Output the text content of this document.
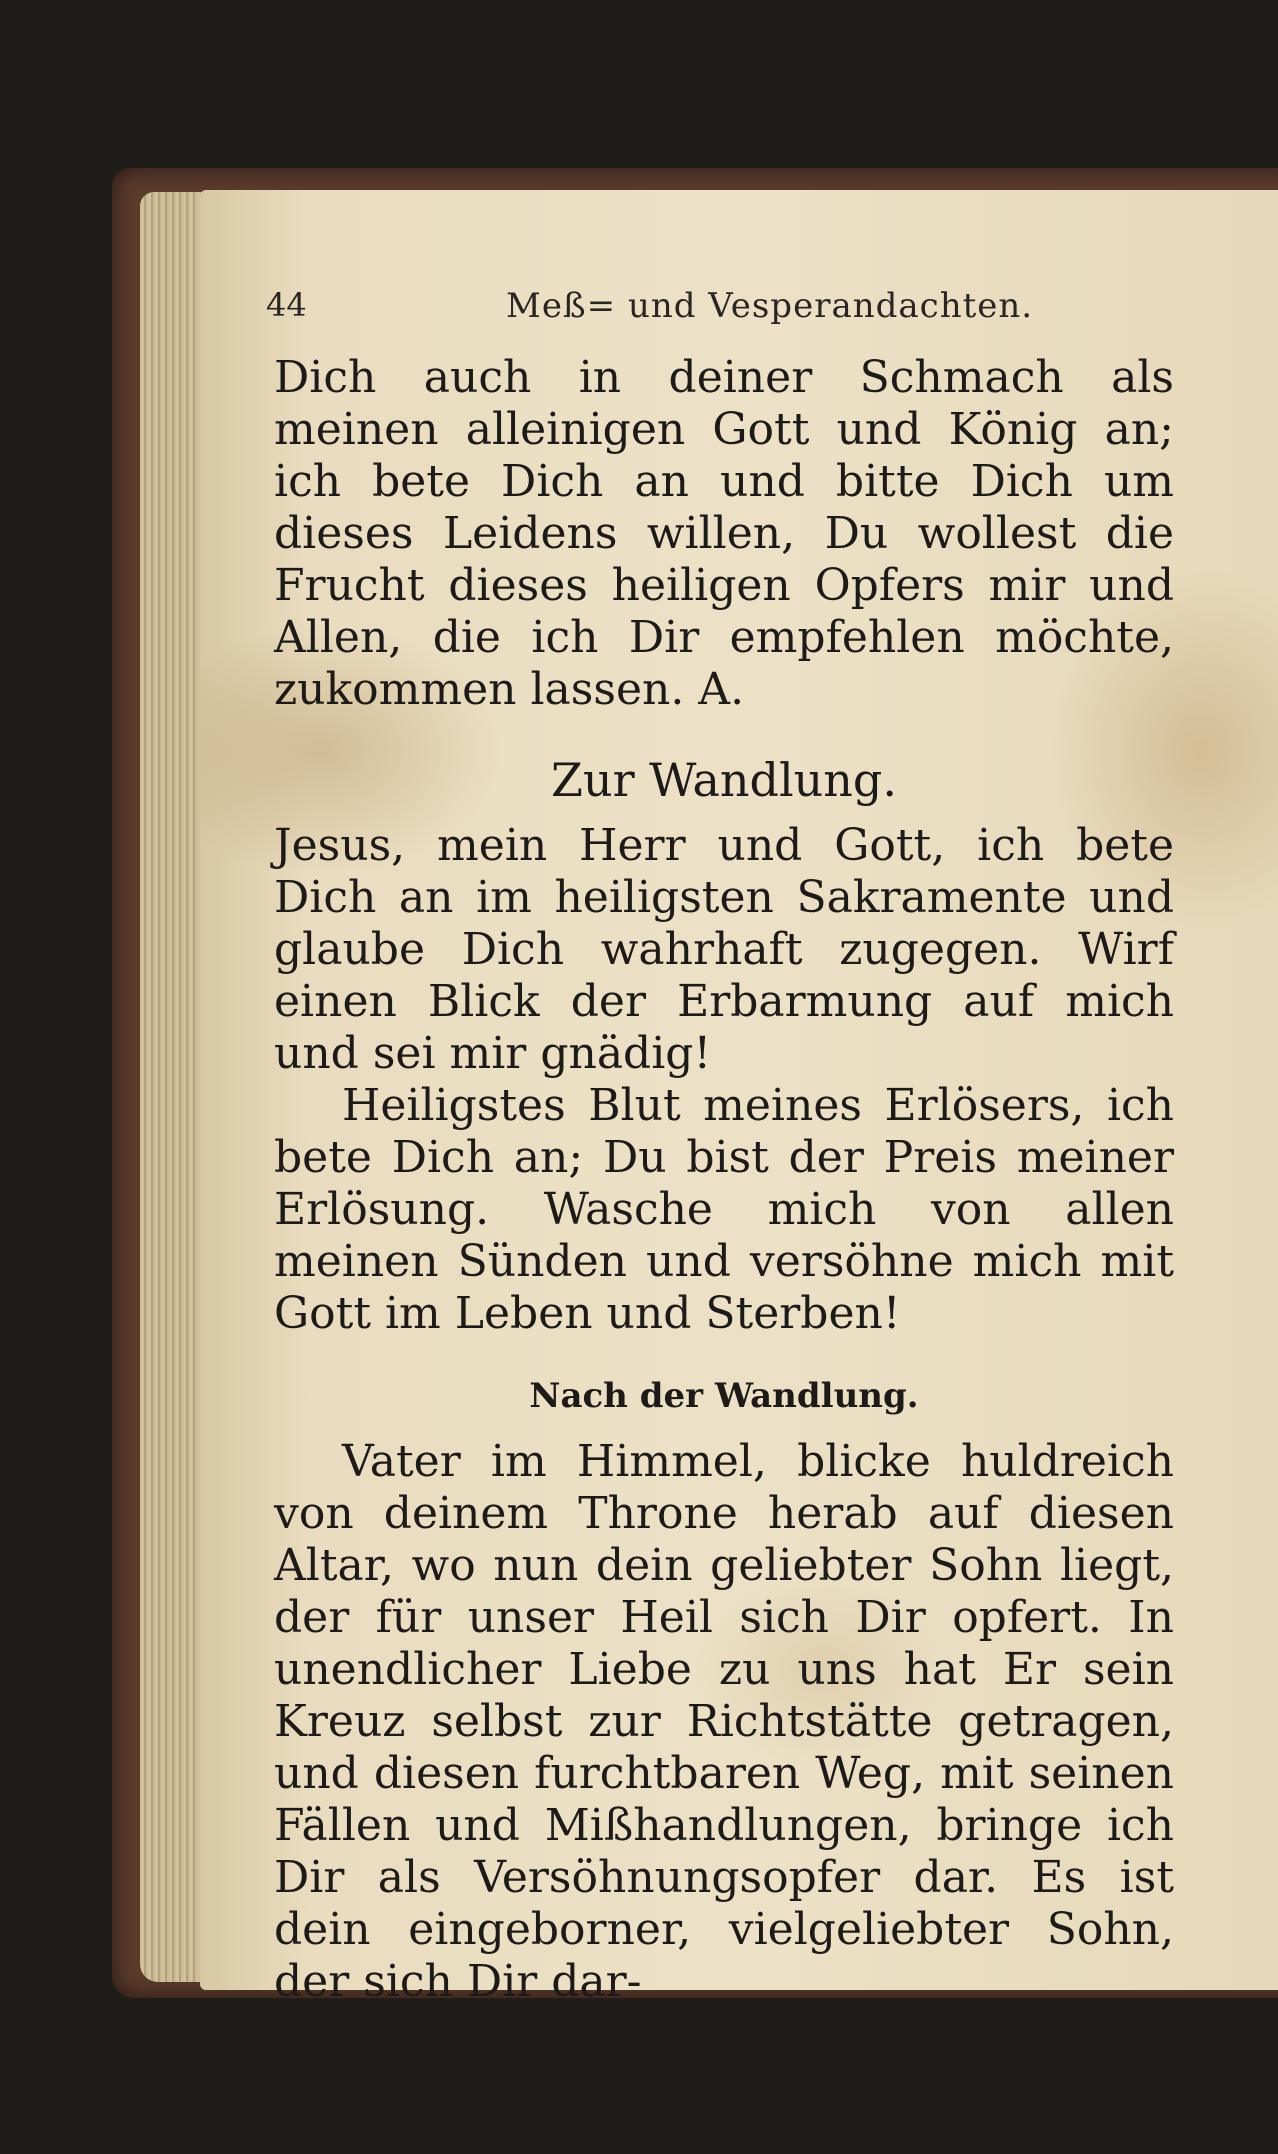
44	Meß= und Vesperandachten.

Dich auch in deiner Schmach als meinen alleinigen Gott und König an; ich bete Dich an und bitte Dich um dieses Leidens willen, Du wollest die Frucht dieses heiligen Opfers mir und Allen, die ich Dir empfehlen möchte, zukommen lassen. A.

Zur Wandlung.

Jesus, mein Herr und Gott, ich bete Dich an im heiligsten Sakramente und glaube Dich wahrhaft zugegen. Wirf einen Blick der Erbarmung auf mich und sei mir gnädig!

Heiligstes Blut meines Erlösers, ich bete Dich an; Du bist der Preis meiner Erlösung. Wasche mich von allen meinen Sünden und versöhne mich mit Gott im Leben und Sterben!

Nach der Wandlung.

Vater im Himmel, blicke huldreich von deinem Throne herab auf diesen Altar, wo nun dein geliebter Sohn liegt, der für unser Heil sich Dir opfert. In unendlicher Liebe zu uns hat Er sein Kreuz selbst zur Richtstätte getragen, und diesen furchtbaren Weg, mit seinen Fällen und Mißhandlungen, bringe ich Dir als Versöhnungsopfer dar. Es ist dein eingeborner, vielgeliebter Sohn, der sich Dir dar-
